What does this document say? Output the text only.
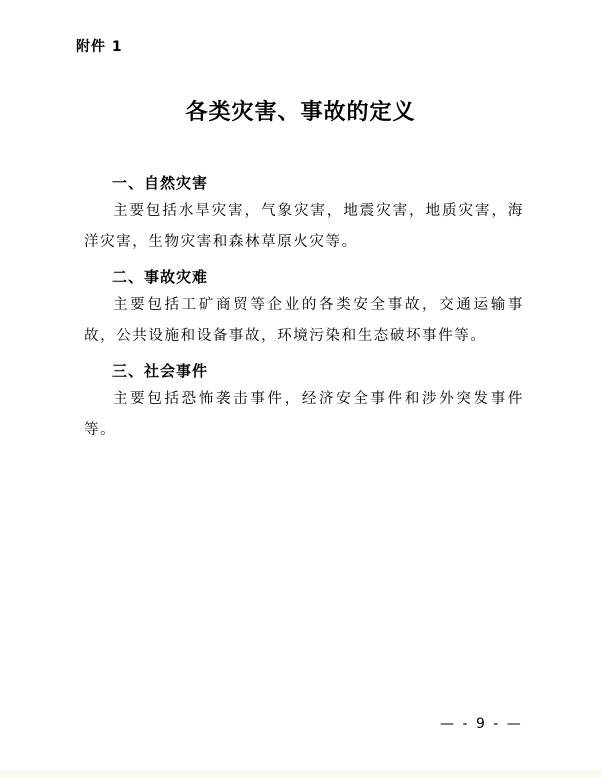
附件 1
各类灾害、事故的定义
一、自然灾害
主要包括水旱灾害，气象灾害，地震灾害，地质灾害，海洋灾害，生物灾害和森林草原火灾等。
二、事故灾难
主要包括工矿商贸等企业的各类安全事故，交通运输事故，公共设施和设备事故，环境污染和生态破坏事件等。
三、社会事件
主要包括恐怖袭击事件，经济安全事件和涉外突发事件等。
— - 9 - —
